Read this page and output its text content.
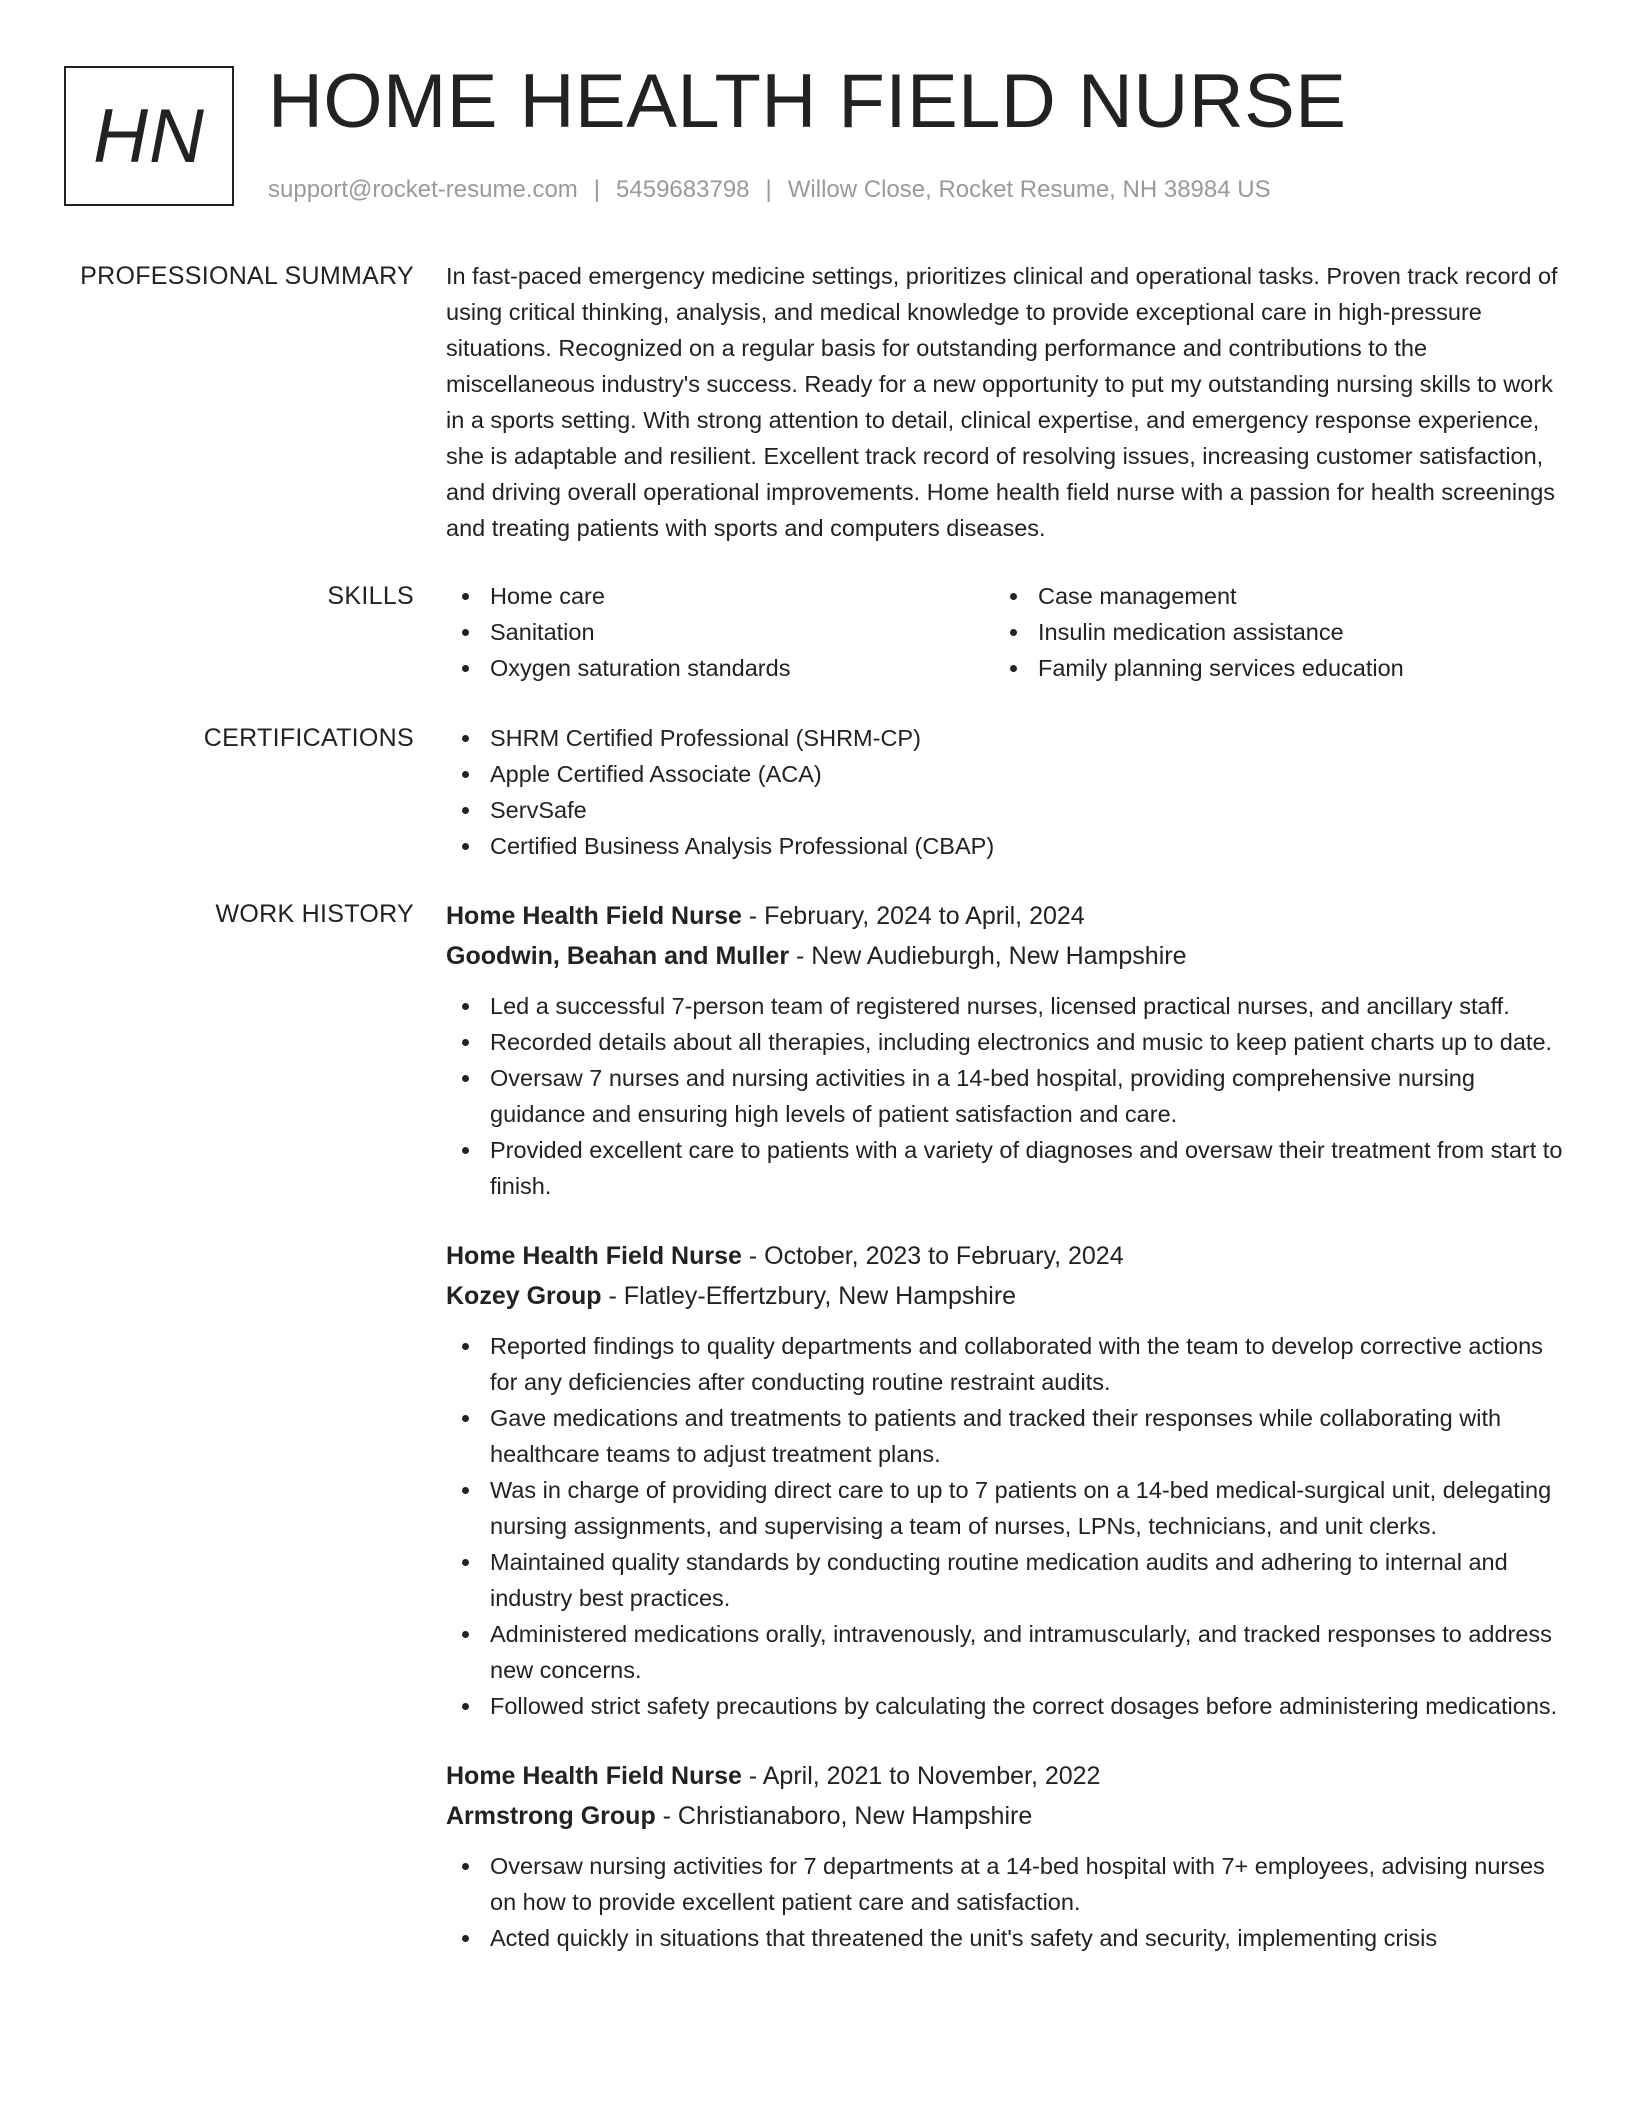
HN HOME HEALTH FIELD NURSE
support@rocket-resume.com | 5459683798 | Willow Close, Rocket Resume, NH 38984 US
PROFESSIONAL SUMMARY In fast-paced emergency medicine settings, prioritizes clinical and operational tasks. Proven track record of using critical thinking, analysis, and medical knowledge to provide exceptional care in high-pressure situations. Recognized on a regular basis for outstanding performance and contributions to the miscellaneous industry's success. Ready for a new opportunity to put my outstanding nursing skills to work in a sports setting. With strong attention to detail, clinical expertise, and emergency response experience, she is adaptable and resilient. Excellent track record of resolving issues, increasing customer satisfaction, and driving overall operational improvements. Home health field nurse with a passion for health screenings and treating patients with sports and computers diseases.

SKILLS	Home care
Sanitation
Oxygen saturation standards
Case management
Insulin medication assistance
Family planning services education
CERTIFICATIONS	SHRM Certified Professional (SHRM-CP)
Apple Certified Associate (ACA)
ServSafe
Certified Business Analysis Professional (CBAP)
WORK HISTORY Home Health Field Nurse - February, 2024 to April, 2024
Goodwin, Beahan and Muller - New Audieburgh, New Hampshire
Led a successful 7-person team of registered nurses, licensed practical nurses, and ancillary staff.
Recorded details about all therapies, including electronics and music to keep patient charts up to date.
Oversaw 7 nurses and nursing activities in a 14-bed hospital, providing comprehensive nursing guidance and ensuring high levels of patient satisfaction and care.
Provided excellent care to patients with a variety of diagnoses and oversaw their treatment from start to finish.
Home Health Field Nurse - October, 2023 to February, 2024
Kozey Group - Flatley-Effertzbury, New Hampshire
Reported findings to quality departments and collaborated with the team to develop corrective actions for any deficiencies after conducting routine restraint audits.
Gave medications and treatments to patients and tracked their responses while collaborating with healthcare teams to adjust treatment plans.
Was in charge of providing direct care to up to 7 patients on a 14-bed medical-surgical unit, delegating nursing assignments, and supervising a team of nurses, LPNs, technicians, and unit clerks.
Maintained quality standards by conducting routine medication audits and adhering to internal and industry best practices.
Administered medications orally, intravenously, and intramuscularly, and tracked responses to address new concerns.
Followed strict safety precautions by calculating the correct dosages before administering medications.
Home Health Field Nurse - April, 2021 to November, 2022
Armstrong Group - Christianaboro, New Hampshire
Oversaw nursing activities for 7 departments at a 14-bed hospital with 7+ employees, advising nurses on how to provide excellent patient care and satisfaction.
Acted quickly in situations that threatened the unit's safety and security, implementing crisis
